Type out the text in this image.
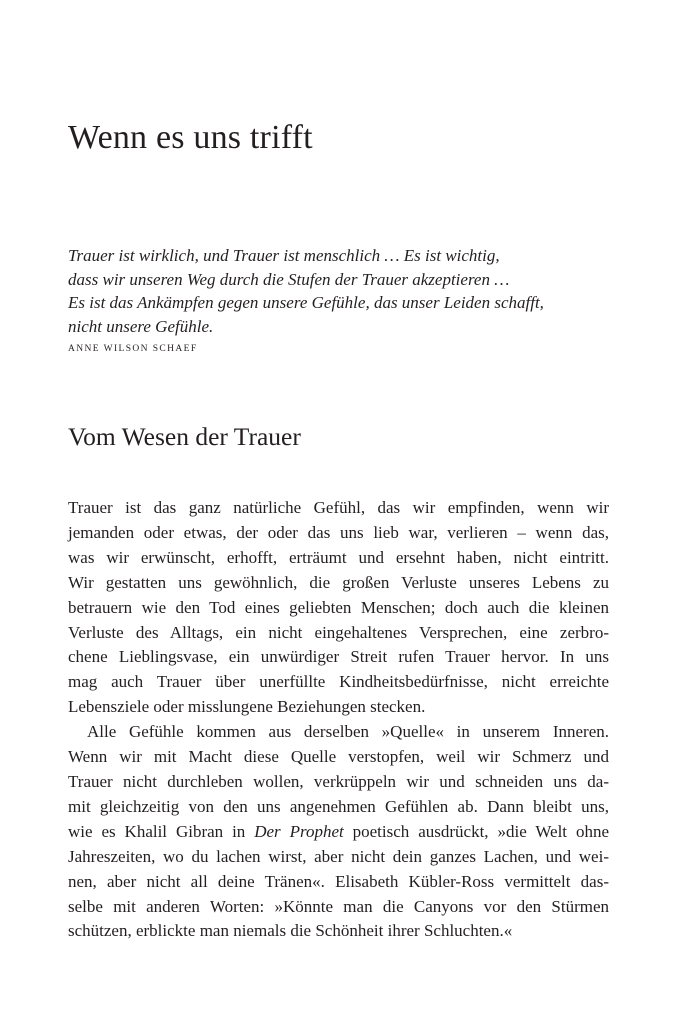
Wenn es uns trifft
Trauer ist wirklich, und Trauer ist menschlich … Es ist wichtig,
dass wir unseren Weg durch die Stufen der Trauer akzeptieren …
Es ist das Ankämpfen gegen unsere Gefühle, das unser Leiden schafft,
nicht unsere Gefühle.
ANNE WILSON SCHAEF
Vom Wesen der Trauer

Trauer ist das ganz natürliche Gefühl, das wir empfinden, wenn wir
jemanden oder etwas, der oder das uns lieb war, verlieren – wenn das,
was wir erwünscht, erhofft, erträumt und ersehnt haben, nicht eintritt.
Wir gestatten uns gewöhnlich, die großen Verluste unseres Lebens zu
betrauern wie den Tod eines geliebten Menschen; doch auch die kleinen
Verluste des Alltags, ein nicht eingehaltenes Versprechen, eine zerbro-
chene Lieblingsvase, ein unwürdiger Streit rufen Trauer hervor. In uns
mag auch Trauer über unerfüllte Kindheitsbedürfnisse, nicht erreichte
Lebensziele oder misslungene Beziehungen stecken.

Alle Gefühle kommen aus derselben »Quelle« in unserem Inneren.
Wenn wir mit Macht diese Quelle verstopfen, weil wir Schmerz und
Trauer nicht durchleben wollen, verkrüppeln wir und schneiden uns da-
mit gleichzeitig von den uns angenehmen Gefühlen ab. Dann bleibt uns,
wie es Khalil Gibran in Der Prophet poetisch ausdrückt, »die Welt ohne
Jahreszeiten, wo du lachen wirst, aber nicht dein ganzes Lachen, und wei-
nen, aber nicht all deine Tränen«. Elisabeth Kübler-Ross vermittelt das-
selbe mit anderen Worten: »Könnte man die Canyons vor den Stürmen
schützen, erblickte man niemals die Schönheit ihrer Schluchten.«
